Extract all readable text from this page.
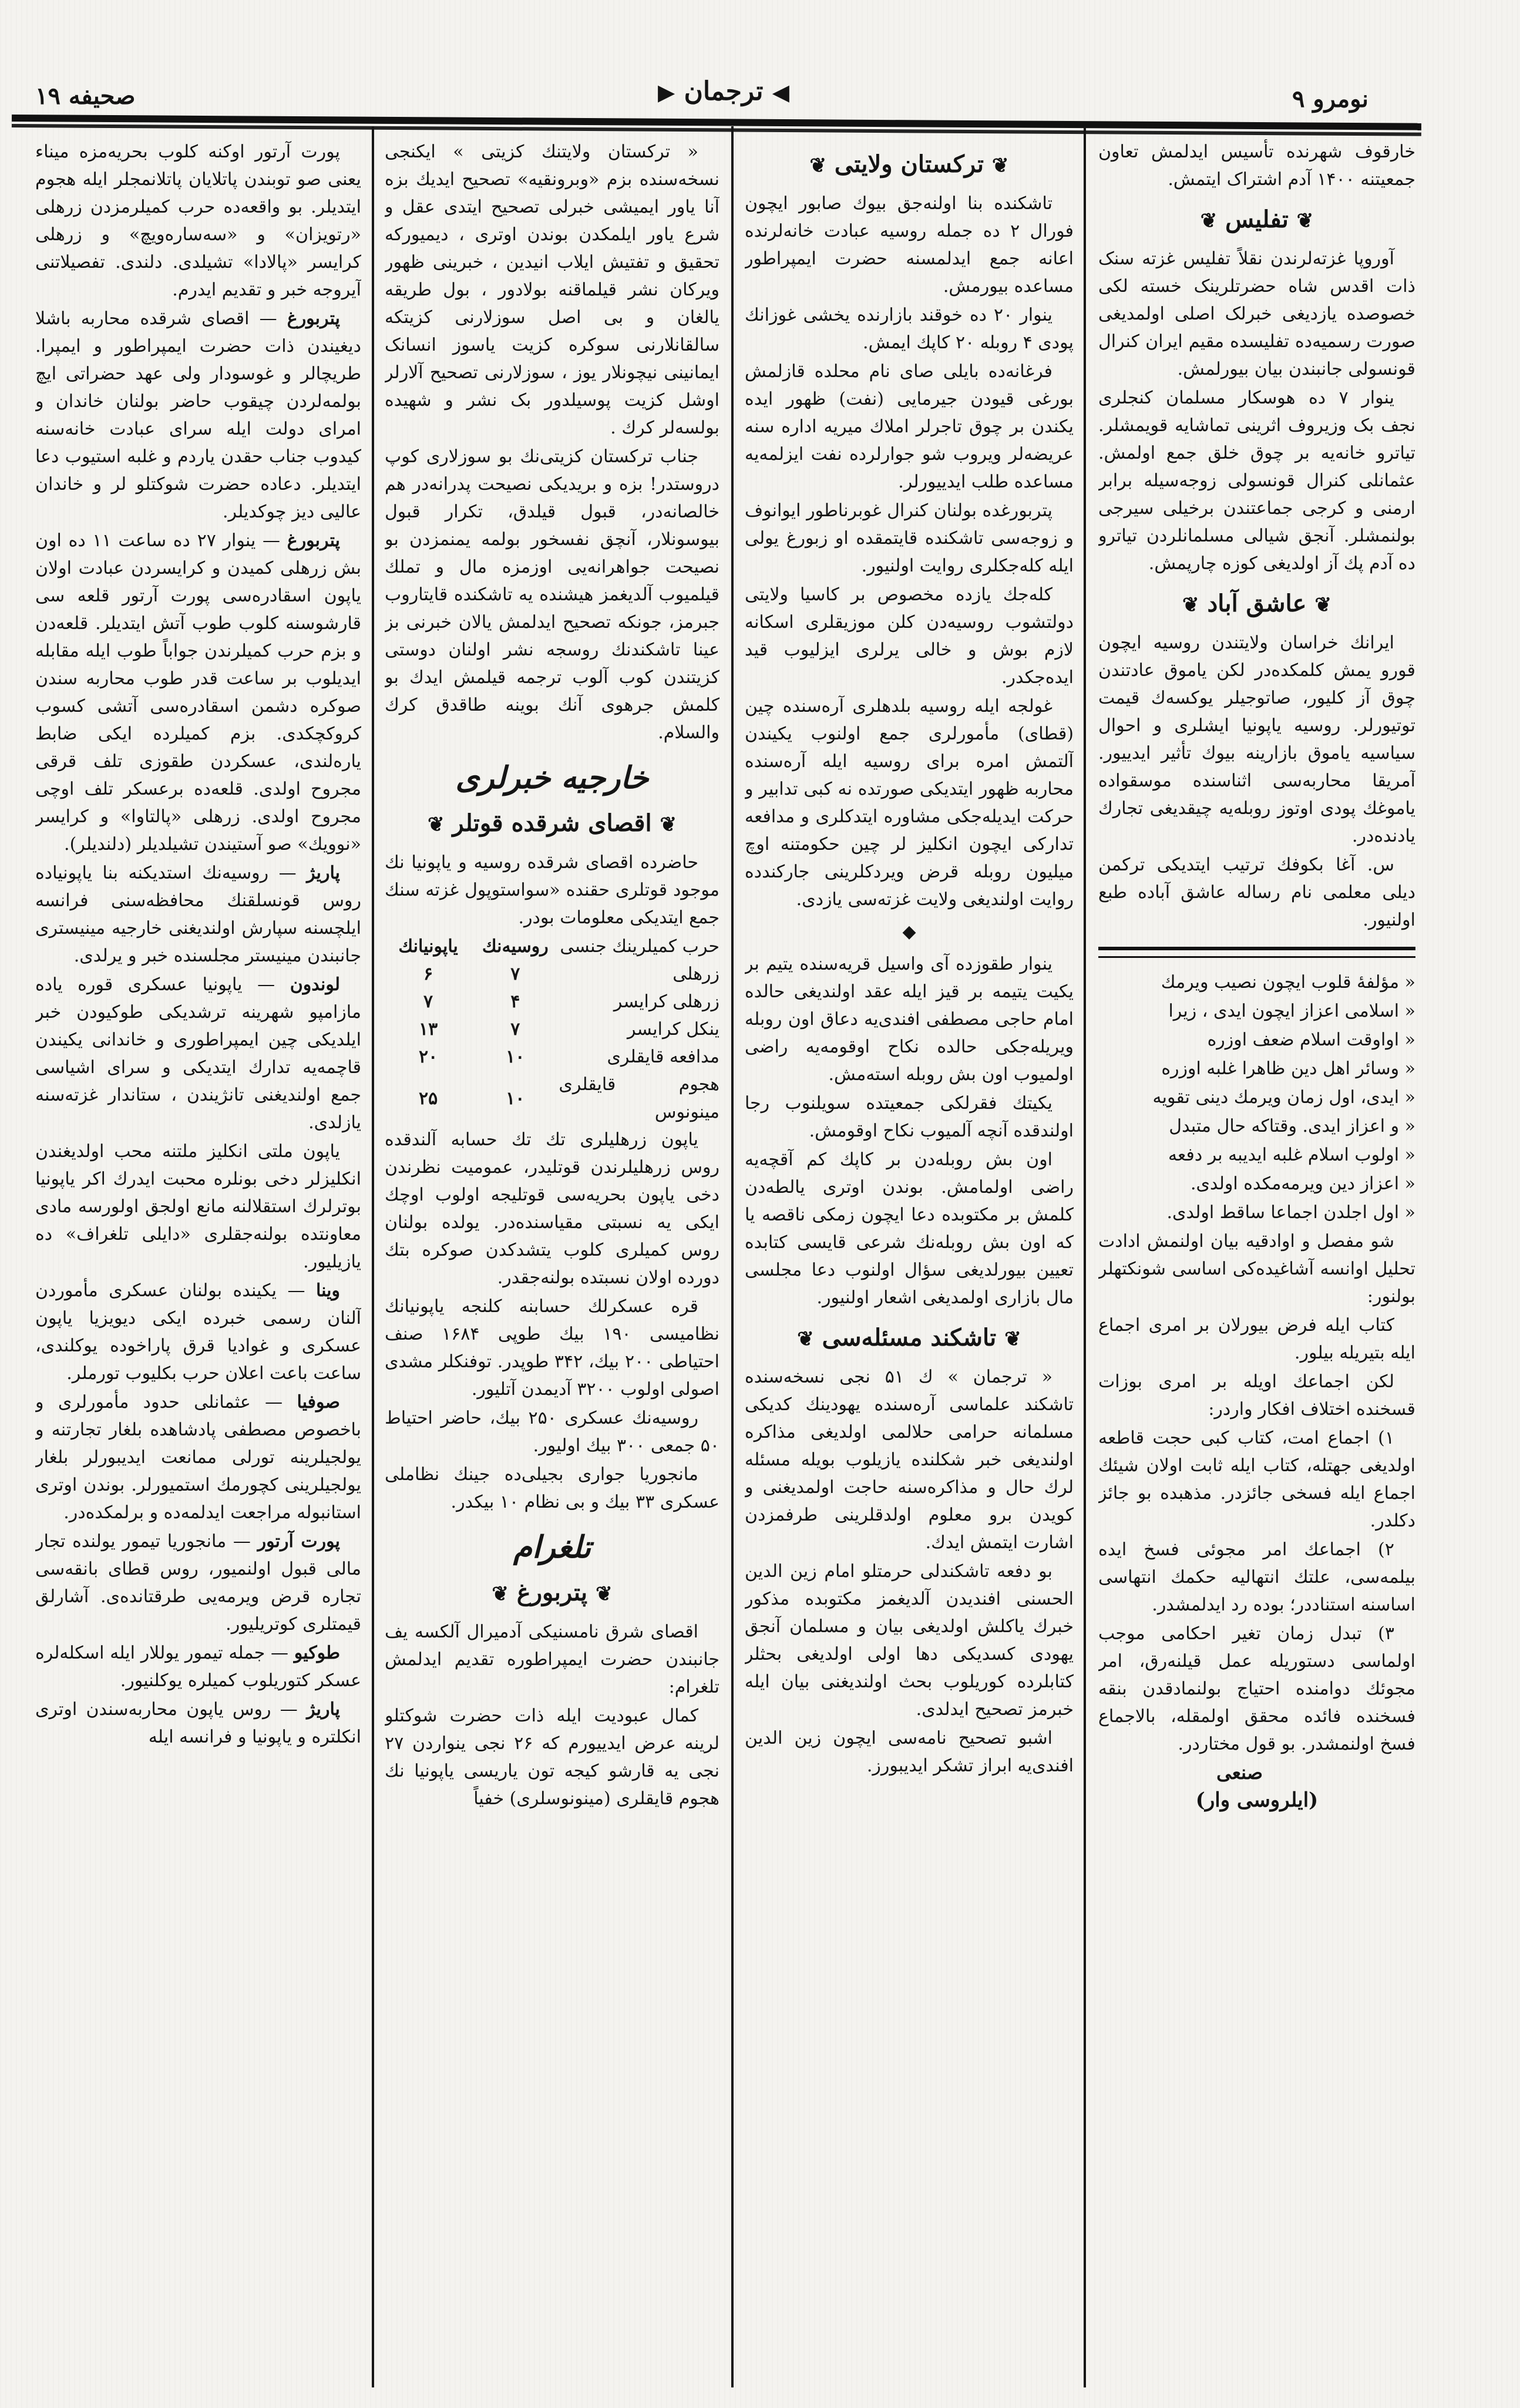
صحیفه ۱۹	◀ ترجمان ▶	نومرو ۹

خارقوف شهرنده تأسیس ایدلمش تعاون جمعیتنه ۱۴۰۰ آدم اشتراک ایتمش.

❦ تفلیس ❦

آوروپا غزته‌لرندن نقلاً تفلیس غزته سنک ذات اقدس شاه حضرتلرینک خسته لکی خصوصده یازدیغی خبرلک اصلی اولمدیغی صورت رسمیه‌ده تفلیسده مقیم ایران کنرال قونسولی جانبندن بیان بیورلمش.

ینوار ۷ ده هوسکار مسلمان کنجلری نجف بک وزیروف اثرینی تماشایه قویمشلر. تیاترو خانه‌یه بر چوق خلق جمع اولمش. عثمانلی کنرال قونسولی زوجه‌سیله برابر ارمنی و کرجی جماعتندن برخیلی سیرجی بولنمشلر. آنجق شیالی مسلمانلردن تیاترو ده آدم پك آز اولدیغی کوزه چارپمش.

❦ عاشق آباد ❦

ایرانك خراسان ولایتندن روسیه ایچون قورو یمش کلمکده‌در لکن یاموق عادتندن چوق آز کلیور، صاتوجیلر یوکسه‌ك قیمت توتیورلر. روسیه یاپونیا ایشلری و احوال سیاسیه یاموق بازارینه بیوك تأثیر ایدییور. آمریقا محاربه‌سی اثناسنده موسقواده یاموغك پودی اوتوز روبله‌یه چیقدیغی تجارك یادنده‌در.

س. آغا بکوفك ترتیب ایتدیکی ترکمن دیلی معلمی نام رساله عاشق آباده طبع اولنیور.

« مؤلفهٔ قلوب ایچون نصیب ویرمك

« اسلامی اعزاز ایچون ایدی ، زیرا

« اواوقت اسلام ضعف اوزره

« وسائر اهل دین ظاهرا غلبه اوزره

« ایدی، اول زمان ویرمك دینی تقویه

« و اعزاز ایدی. وقتاکه حال متبدل

« اولوب اسلام غلبه ایدیبه بر دفعه

« اعزاز دین ویرمه‌مکده اولدی.

« اول اجلدن اجماعا ساقط اولدی.

شو مفصل و اوادقیه بیان اولنمش ادادت تحلیل اوانسه آشاغیده‌کی اساسی شونکتهلر بولنور:

کتاب ایله فرض بیورلان بر امری اجماع ایله بتیریله بیلور.

لکن اجماعك اویله بر امری بوزات قسخنده اختلاف افکار واردر:

۱) اجماع امت، کتاب کبی حجت قاطعه اولدیغی جهتله، کتاب ایله ثابت اولان شیئك اجماع ایله فسخی جائزدر. مذهبده بو جائز دکلدر.

۲) اجماعك امر مجوئی فسخ ایده بیلمه‌سی، علتك انتهالیه حکمك انتهاسی اساسنه استناددر؛ بوده رد ایدلمشدر.

۳) تبدل زمان تغیر احکامی موجب اولماسی دستوریله عمل قیلنه‌رق، امر مجوئك دوامنده احتیاج بولنمادقدن بنقه فسخنده فائده محقق اولمقله، بالاجماع فسخ اولنمشدر. بو قول مختاردر.

صنعی
(ایلروسی وار)
❦ ترکستان ولایتی ❦

تاشکنده بنا اولنه‌جق بیوك صابور ایچون فورال ۲ ده جمله روسیه عبادت خانه‌لرنده اعانه جمع ایدلمسنه حضرت ایمپراطور مساعده بیورمش.

ینوار ۲۰ ده خوقند بازارنده یخشی غوزانك پودی ۴ روبله ۲۰ کاپك ایمش.

فرغانه‌ده بایلی صای نام محلده قازلمش بورغی قیودن جیرمایی (نفت) ظهور ایده یکندن بر چوق تاجرلر املاك میریه اداره سنه عریضه‌لر ویروب شو جوارلرده نفت ایزلمه‌یه مساعده طلب ایدییورلر.

پتربورغده بولنان کنرال غوبرناطور ایوانوف و زوجه‌سی تاشکنده قایتمقده او زبورغ یولی ایله کله‌جکلری روایت اولنیور.

کله‌جك یازده مخصوص بر کاسیا ولایتی دولتشوب روسیه‌دن کلن موزیقلری اسکانه لازم بوش و خالی یرلری ایزلیوب قید ایده‌جکدر.

غولجه ایله روسیه بلدهلری آره‌سنده چین (قطای) مأمورلری جمع اولنوب یکیندن آلتمش امره برای روسیه ایله آره‌سنده محاربه ظهور ایتدیکی صورتده نه کبی تدابیر و حرکت ایدیله‌جکی مشاوره ایتدکلری و مدافعه تدارکی ایچون انکلیز لر چین حکومتنه اوچ میلیون روبله قرض ویردکلرینی جارکندده روایت اولندیغی ولایت غزته‌سی یازدی.

◆

ینوار طقوزده آی واسیل قریه‌سنده یتیم بر یکیت یتیمه بر قیز ایله عقد اولندیغی حالده امام حاجی مصطفی افندی‌یه دعاق اون روبله ویریله‌جکی حالده نکاح اوقومه‌یه راضی اولمیوب اون بش روبله استه‌مش.

یکیتك فقرلکی جمعیتده سویلنوب رجا اولندقده آنچه آلمیوب نکاح اوقومش.

اون بش روبله‌دن بر کاپك کم آقچه‌یه راضی اولمامش. بوندن اوتری یالطه‌دن کلمش بر مکتوبده دعا ایچون زمکی ناقصه یا که اون بش روبله‌نك شرعی قایسی کتابده تعیین بیورلدیغی سؤال اولنوب دعا مجلسی مال بازاری اولمدیغی اشعار اولنیور.

❦ تاشکند مسئله‌سی ❦

« ترجمان » ك ۵۱ نجی نسخه‌سنده تاشکند علماسی آره‌سنده یهودینك کدیکی مسلمانه حرامی حلالمی اولدیغی مذاکره اولندیغی خبر شکلنده یازیلوب بویله مسئله لرك حال و مذاکره‌سنه حاجت اولمدیغنی و کویدن برو معلوم اولدقلرینی طرفمزدن اشارت ایتمش ایدك.

بو دفعه تاشکندلی حرمتلو امام زین الدین الحسنی افندیدن آلدیغمز مکتوبده مذکور خبرك یاکلش اولدیغی بیان و مسلمان آنجق یهودی کسدیکی دها اولی اولدیغی بحثلر کتابلرده کوریلوب بحث اولندیغنی بیان ایله خبرمز تصحیح ایدلدی.

اشبو تصحیح نامه‌سی ایچون زین الدین افندی‌یه ابراز تشکر ایدیبورز.

« ترکستان ولایتنك کزیتی » ایکنجی نسخه‌سنده بزم «وبرونقیه» تصحیح ایدیك بزه آنا یاور ایمیشی خبرلی تصحیح ایتدی عقل و شرع یاور ایلمکدن بوندن اوتری ، دیمیورکه تحقیق و تفتیش ایلاب انیدین ، خبرینی ظهور ویرکان نشر قیلماقنه بولادور ، بول طریقه یالغان و بی اصل سوزلارنی کزیتکه سالقانلارنی سوکره کزیت یاسوز انسانک ایمانینی نیچونلار یوز ، سوزلارنی تصحیح آلارلر اوشل کزیت پوسیلدور بک نشر و شهیده بولسه‌لر کرك .

جناب ترکستان کزیتی‌نك بو سوزلاری کوپ دروستدر! بزه و بریدیکی نصیحت پدرانه‌در هم خالصانه‌در، قبول قیلدق، تکرار قبول بیوسونلار، آنچق نفسخور بولمه‌ یمنمزدن بو نصیحت جواهرانه‌یی اوزمزه مال و تملك قیلمیوب آلدیغمز هیشنده یه تاشکنده قایتاروب جبرمز، جونکه تصحیح ایدلمش یالان خبرنی بز عینا تاشکندنك روسجه نشر اولنان دوستی کزیتندن کوب آلوب ترجمه قیلمش ایدك بو کلمش جرهوی آنك بوینه طاقدق کرك والسلام.

خارجیه خبرلری
❦ اقصای شرقده قوتلر ❦

حاضرده اقصای شرقده روسیه و یاپونیا نك موجود قوتلری حقنده «سواستوپول غزته سنك جمع ایتدیکی معلومات بودر.

حرب کمیلرینك جنسی	روسیه‌نك	یاپونیانك
زرهلی	۷	۶
زرهلی کرایسر	۴	۷
ینکل کرایسر	۷	۱۳
مدافعه قایقلری	۱۰	۲۰
هجوم قایقلری مینونوس	۱۰	۲۵

یاپون زرهلیلری تك تك حسابه آلندقده روس زرهلیلرندن قوتلیدر، عمومیت نظرندن دخی یاپون بحریه‌سی قوتلیجه اولوب اوچك ایکی یه نسبتی مقیاسنده‌در. یولده بولنان روس کمیلری کلوب یتشدکدن صوکره بتك دورده اولان نسبتده بولنه‌جقدر.

قره عسکرلك حسابنه کلنجه یاپونیانك نظامیسی ۱۹۰ بیك طوپی ۱۶۸۴ صنف احتیاطی ۲۰۰ بیك، ۳۴۲ طوپدر. توفنکلر مشدی اصولی اولوب ۳۲۰۰ آدیمدن آتلیور.

روسیه‌نك عسکری ۲۵۰ بیك، حاضر احتیاط ۵۰ جمعی ۳۰۰ بیك اولیور.

مانجوریا جواری بجیلی‌ده جینك نظاملی عسکری ۳۳ بیك و بی نظام ۱۰ بیکدر.

تلغرام
❦ پتربورغ ❦

اقصای شرق نامسنیکی آدمیرال آلکسه یف جانبندن حضرت ایمپراطوره تقدیم ایدلمش تلغرام:

کمال عبودیت ایله ذات حضرت شوکتلو لرینه عرض ایدییورم که ۲۶ نجی ینواردن ۲۷ نجی یه قارشو کیجه تون یاریسی یاپونیا نك هجوم قایقلری (مینونوسلری) خفیاً

پورت آرتور اوکنه کلوب بحریه‌مزه میناء یعنی صو توبندن پاتلایان پاتلانمجلر ایله هجوم ایتدیلر. بو واقعه‌ده حرب کمیلرمزدن زرهلی «رتویزان» و «سەساره‌ویچ» و زرهلی کرایسر «پالادا» تشیلدی. دلندی. تفصیلاتنی آیروجه خبر و تقدیم ایدرم.

پتربورغ — اقصای شرقده محاربه باشلا دیغیندن ذات حضرت ایمپراطور و ایمپرا. طریچالر و غوسودار ولی عهد حضراتی ایچ بولمه‌لردن چیقوب حاضر بولنان خاندان و امرای دولت ایله سرای عبادت خانه‌سنه کیدوب جناب حقدن یاردم و غلبه استیوب دعا ایتدیلر. دعاده حضرت شوکتلو لر و خاندان عالیی دیز چوکدیلر.

پتربورغ — ینوار ۲۷ ده ساعت ۱۱ ده اون بش زرهلی کمیدن و کرایسردن عبادت اولان یاپون اسقادره‌سی پورت آرتور قلعه سی قارشوسنه کلوب طوب آتش ایتدیلر. قلعه‌دن و بزم حرب کمیلرندن جواباً طوب ایله مقابله ایدیلوب بر ساعت قدر طوب محاربه سندن صوکره دشمن اسقادرەسی آتشی کسوب کروکچکدی. بزم کمیلرده ایکی ضابط یاره‌لندی، عسکردن طقوزی تلف قرقی مجروح اولدی. قلعه‌ده برعسکر تلف اوچی مجروح اولدی. زرهلی «پالتاوا» و کرایسر «نوویك» صو آستیندن تشیلدیلر (دلندیلر).

پاریژ — روسیه‌نك استدیکنه بنا یاپونیاده روس قونسلقنك محافظه‌سنی فرانسه ایلچسنه سپارش اولندیغنی خارجیه مینیستری جانبندن مینیستر مجلسنده خبر و یرلدی.

لوندون — یاپونیا عسکری قوره یاده مازامپو شهرینه ترشدیکی طوکیودن خبر ایلدیکی چین ایمپراطوری و خاندانی یکیندن قاچمه‌یه تدارك ایتدیکی و سرای اشیاسی جمع اولندیغنی تانژیندن ، ستاندار غزته‌سنه یازلدی.

یاپون ملتی انکلیز ملتنه محب اولدیغندن انکلیزلر دخی بونلره محبت ایدرك اکر یاپونیا بوترلرك استقلالنه مانع اولجق اولورسه مادی معاونتده بولنه‌جقلری «دایلی تلغراف» ده یازیلیور.

وینا — یکینده بولنان عسکری مأموردن آلنان رسمی خبرده ایکی دیویزیا یاپون عسکری و غوادیا قرق پاراخوده یوکلندی، ساعت باعت اعلان حرب بکلیوب تورملر.

صوفیا — عثمانلی حدود مأمورلری و باخصوص مصطفی پادشاهده بلغار تجارتنه و یولجیلرینه تورلی ممانعت ایدیبورلر بلغار یولجیلرینی کچورمك استمیورلر. بوندن اوتری استانبوله مراجعت ایدلمه‌ده و برلمکده‌در.

پورت آرتور — مانجوریا تیمور یولنده تجار مالی قبول اولنمیور، روس قطای بانقه‌سی تجاره قرض ویرمه‌یی طرقتانده‌ی. آشارلق قیمتلری کوتریلیور.

طوکیو — جمله تیمور یوللار ایله اسکله‌لره عسکر کتوریلوب کمیلره یوکلنیور.

پاریژ — روس یاپون محاربه‌سندن اوتری انکلتره و یاپونیا و فرانسه ایله
